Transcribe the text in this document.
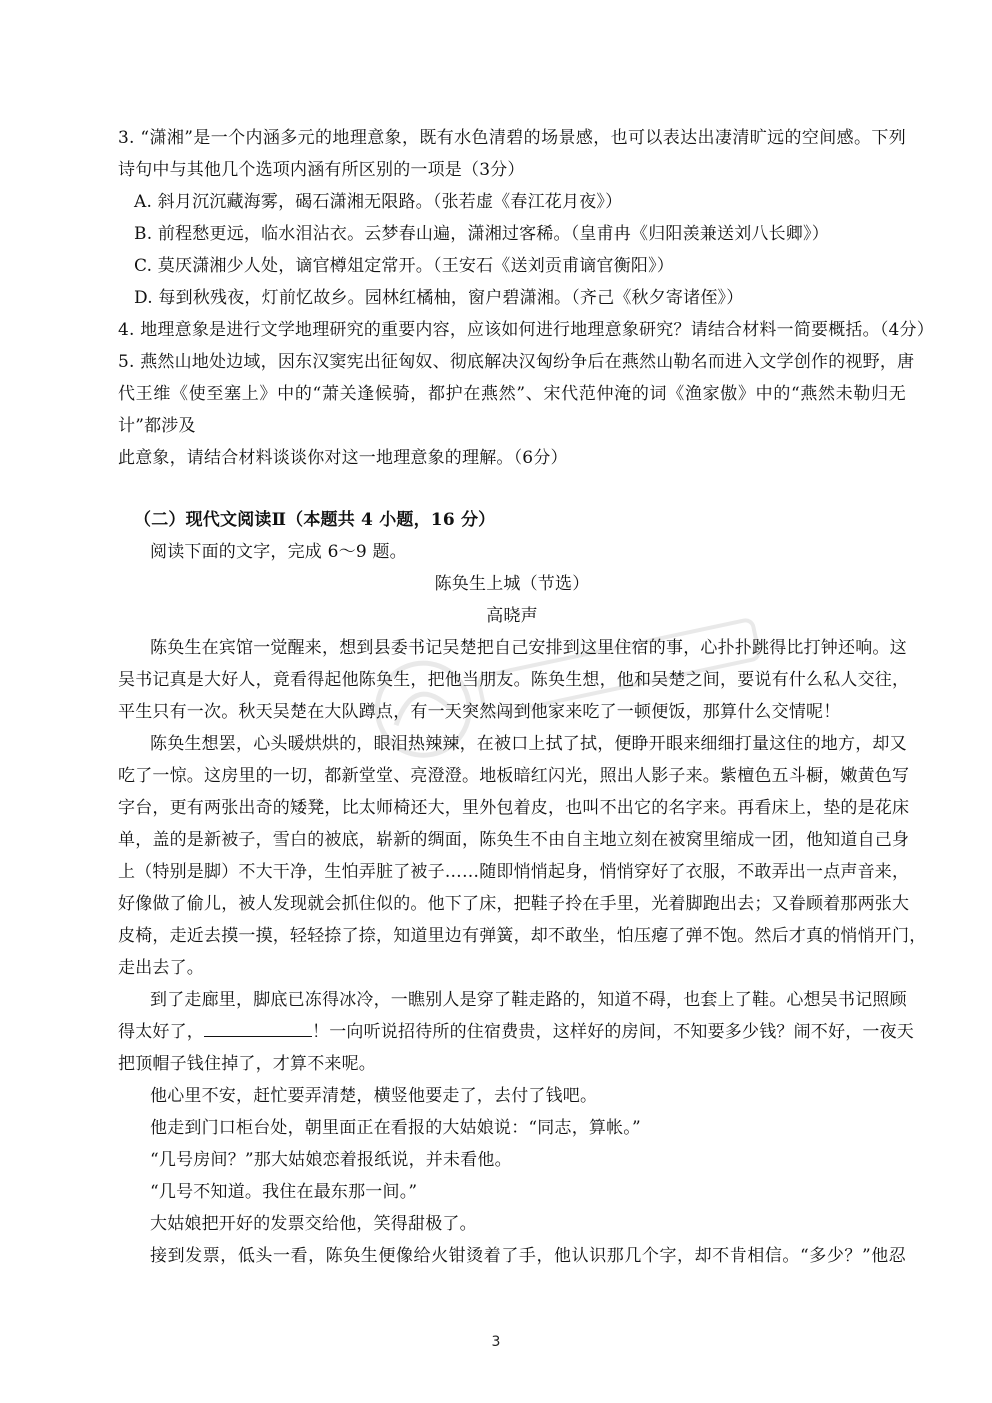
3. “潇湘”是一个内涵多元的地理意象，既有水色清碧的场景感，也可以表达出凄清旷远的空间感。下列
诗句中与其他几个选项内涵有所区别的一项是（3分）
A. 斜月沉沉藏海雾，碣石潇湘无限路。（张若虚《春江花月夜》）
B. 前程愁更远，临水泪沾衣。云梦春山遍，潇湘过客稀。（皇甫冉《归阳羡兼送刘八长卿》）
C. 莫厌潇湘少人处，谪官樽俎定常开。（王安石《送刘贡甫谪官衡阳》）
D. 每到秋残夜，灯前忆故乡。园林红橘柚，窗户碧潇湘。（齐己《秋夕寄诸侄》）
4. 地理意象是进行文学地理研究的重要内容，应该如何进行地理意象研究？请结合材料一简要概括。（4分）
5. 燕然山地处边域，因东汉窦宪出征匈奴、彻底解决汉匈纷争后在燕然山勒名而进入文学创作的视野，唐
代王维《使至塞上》中的“萧关逢候骑，都护在燕然”、宋代范仲淹的词《渔家傲》中的“燕然未勒归无
计”都涉及
此意象，请结合材料谈谈你对这一地理意象的理解。（6分）
（二）现代文阅读Ⅱ（本题共 4 小题，16 分）
阅读下面的文字，完成 6～9 题。
陈奂生上城（节选）
高晓声
陈奂生在宾馆一觉醒来，想到县委书记吴楚把自己安排到这里住宿的事，心扑扑跳得比打钟还响。这
吴书记真是大好人，竟看得起他陈奂生，把他当朋友。陈奂生想，他和吴楚之间，要说有什么私人交往，
平生只有一次。秋天吴楚在大队蹲点，有一天突然闯到他家来吃了一顿便饭，那算什么交情呢！
陈奂生想罢，心头暖烘烘的，眼泪热辣辣，在被口上拭了拭，便睁开眼来细细打量这住的地方，却又
吃了一惊。这房里的一切，都新堂堂、亮澄澄。地板暗红闪光，照出人影子来。紫檀色五斗橱，嫩黄色写
字台，更有两张出奇的矮凳，比太师椅还大，里外包着皮，也叫不出它的名字来。再看床上，垫的是花床
单，盖的是新被子，雪白的被底，崭新的绸面，陈奂生不由自主地立刻在被窝里缩成一团，他知道自己身
上（特别是脚）不大干净，生怕弄脏了被子……随即悄悄起身，悄悄穿好了衣服，不敢弄出一点声音来，
好像做了偷儿，被人发现就会抓住似的。他下了床，把鞋子拎在手里，光着脚跑出去；又眷顾着那两张大
皮椅，走近去摸一摸，轻轻捺了捺，知道里边有弹簧，却不敢坐，怕压瘪了弹不饱。然后才真的悄悄开门，
走出去了。
到了走廊里，脚底已冻得冰冷，一瞧别人是穿了鞋走路的，知道不碍，也套上了鞋。心想吴书记照顾
得太好了，	！一向听说招待所的住宿费贵，这样好的房间，不知要多少钱？闹不好，一夜天
把顶帽子钱住掉了，才算不来呢。
他心里不安，赶忙要弄清楚，横竖他要走了，去付了钱吧。
他走到门口柜台处，朝里面正在看报的大姑娘说：“同志，算帐。”
“几号房间？”那大姑娘恋着报纸说，并未看他。
“几号不知道。我住在最东那一间。”
大姑娘把开好的发票交给他，笑得甜极了。
接到发票，低头一看，陈奂生便像给火钳烫着了手，他认识那几个字，却不肯相信。“多少？”他忍
3
